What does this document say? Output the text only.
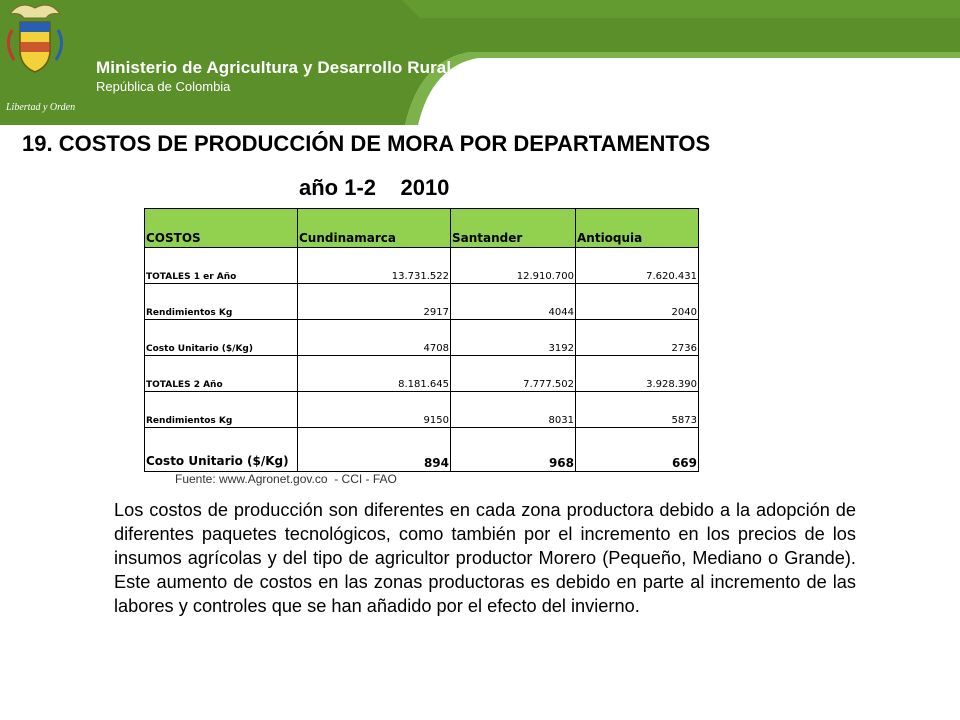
Libertad y Orden
Ministerio de Agricultura y Desarrollo Rural
República de Colombia
19. COSTOS DE PRODUCCIÓN DE MORA POR DEPARTAMENTOS
año 1-2    2010
COSTOS	Cundinamarca	Santander	Antioquia
TOTALES 1 er Año	13.731.522	12.910.700	7.620.431
Rendimientos Kg	2917	4044	2040
Costo Unitario ($/Kg)	4708	3192	2736
TOTALES 2 Año	8.181.645	7.777.502	3.928.390
Rendimientos Kg	9150	8031	5873
Costo Unitario ($/Kg)	894	968	669
Fuente: www.Agronet.gov.co  - CCI - FAO
Los costos de producción son diferentes en cada zona productora debido a la adopción de diferentes paquetes tecnológicos, como también por el incremento en los precios de los insumos agrícolas y del tipo de agricultor productor Morero (Pequeño, Mediano o Grande). Este aumento de costos en las zonas productoras es debido en parte al incremento de las labores y controles que se han añadido por el efecto del invierno.
